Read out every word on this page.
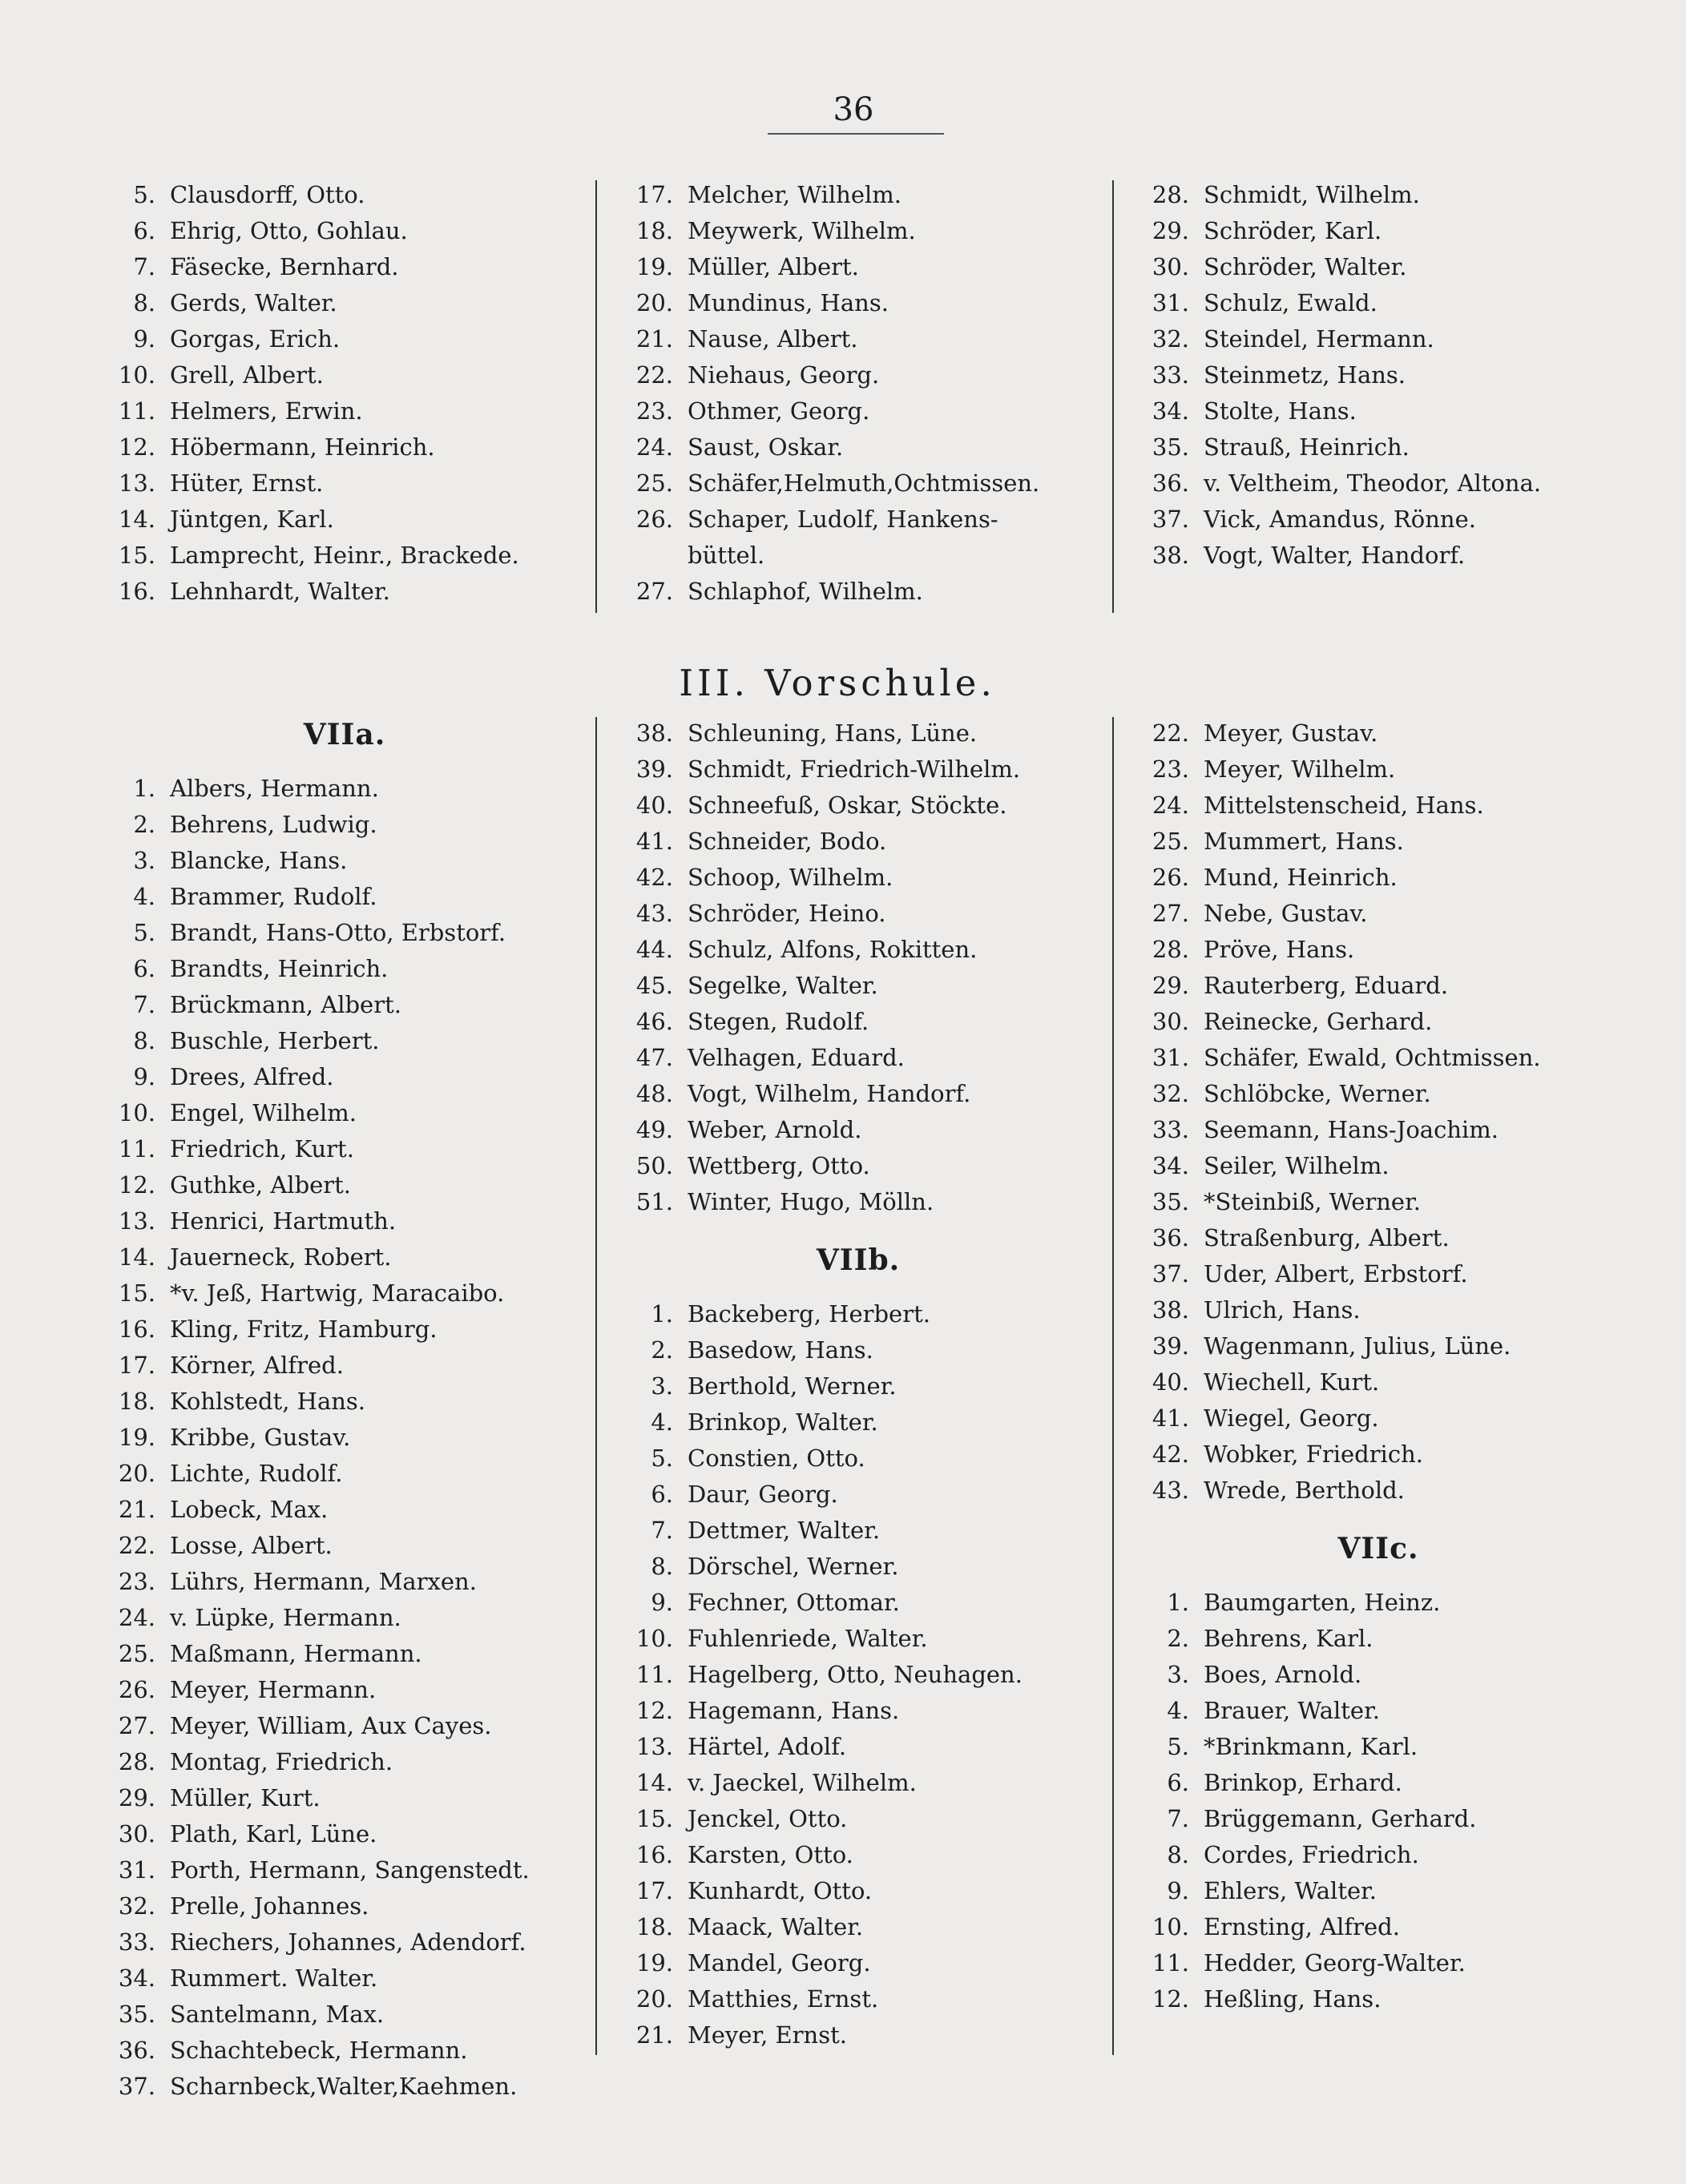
36
5. Clausdorff, Otto.
6. Ehrig, Otto, Gohlau.
7. Fäsecke, Bernhard.
8. Gerds, Walter.
9. Gorgas, Erich.
10. Grell, Albert.
11. Helmers, Erwin.
12. Höbermann, Heinrich.
13. Hüter, Ernst.
14. Jüntgen, Karl.
15. Lamprecht, Heinr., Brackede.
16. Lehnhardt, Walter.
17. Melcher, Wilhelm.
18. Meywerk, Wilhelm.
19. Müller, Albert.
20. Mundinus, Hans.
21. Nause, Albert.
22. Niehaus, Georg.
23. Othmer, Georg.
24. Saust, Oskar.
25. Schäfer,Helmuth,Ochtmissen.
26. Schaper, Ludolf, Hankens-
büttel.
27. Schlaphof, Wilhelm.
28. Schmidt, Wilhelm.
29. Schröder, Karl.
30. Schröder, Walter.
31. Schulz, Ewald.
32. Steindel, Hermann.
33. Steinmetz, Hans.
34. Stolte, Hans.
35. Strauß, Heinrich.
36. v. Veltheim, Theodor, Altona.
37. Vick, Amandus, Rönne.
38. Vogt, Walter, Handorf.
III. Vorschule.
VIIa.
1. Albers, Hermann.
2. Behrens, Ludwig.
3. Blancke, Hans.
4. Brammer, Rudolf.
5. Brandt, Hans-Otto, Erbstorf.
6. Brandts, Heinrich.
7. Brückmann, Albert.
8. Buschle, Herbert.
9. Drees, Alfred.
10. Engel, Wilhelm.
11. Friedrich, Kurt.
12. Guthke, Albert.
13. Henrici, Hartmuth.
14. Jauerneck, Robert.
15. *v. Jeß, Hartwig, Maracaibo.
16. Kling, Fritz, Hamburg.
17. Körner, Alfred.
18. Kohlstedt, Hans.
19. Kribbe, Gustav.
20. Lichte, Rudolf.
21. Lobeck, Max.
22. Losse, Albert.
23. Lührs, Hermann, Marxen.
24. v. Lüpke, Hermann.
25. Maßmann, Hermann.
26. Meyer, Hermann.
27. Meyer, William, Aux Cayes.
28. Montag, Friedrich.
29. Müller, Kurt.
30. Plath, Karl, Lüne.
31. Porth, Hermann, Sangenstedt.
32. Prelle, Johannes.
33. Riechers, Johannes, Adendorf.
34. Rummert. Walter.
35. Santelmann, Max.
36. Schachtebeck, Hermann.
37. Scharnbeck,Walter,Kaehmen.
38. Schleuning, Hans, Lüne.
39. Schmidt, Friedrich-Wilhelm.
40. Schneefuß, Oskar, Stöckte.
41. Schneider, Bodo.
42. Schoop, Wilhelm.
43. Schröder, Heino.
44. Schulz, Alfons, Rokitten.
45. Segelke, Walter.
46. Stegen, Rudolf.
47. Velhagen, Eduard.
48. Vogt, Wilhelm, Handorf.
49. Weber, Arnold.
50. Wettberg, Otto.
51. Winter, Hugo, Mölln.
VIIb.
1. Backeberg, Herbert.
2. Basedow, Hans.
3. Berthold, Werner.
4. Brinkop, Walter.
5. Constien, Otto.
6. Daur, Georg.
7. Dettmer, Walter.
8. Dörschel, Werner.
9. Fechner, Ottomar.
10. Fuhlenriede, Walter.
11. Hagelberg, Otto, Neuhagen.
12. Hagemann, Hans.
13. Härtel, Adolf.
14. v. Jaeckel, Wilhelm.
15. Jenckel, Otto.
16. Karsten, Otto.
17. Kunhardt, Otto.
18. Maack, Walter.
19. Mandel, Georg.
20. Matthies, Ernst.
21. Meyer, Ernst.
22. Meyer, Gustav.
23. Meyer, Wilhelm.
24. Mittelstenscheid, Hans.
25. Mummert, Hans.
26. Mund, Heinrich.
27. Nebe, Gustav.
28. Pröve, Hans.
29. Rauterberg, Eduard.
30. Reinecke, Gerhard.
31. Schäfer, Ewald, Ochtmissen.
32. Schlöbcke, Werner.
33. Seemann, Hans-Joachim.
34. Seiler, Wilhelm.
35. *Steinbiß, Werner.
36. Straßenburg, Albert.
37. Uder, Albert, Erbstorf.
38. Ulrich, Hans.
39. Wagenmann, Julius, Lüne.
40. Wiechell, Kurt.
41. Wiegel, Georg.
42. Wobker, Friedrich.
43. Wrede, Berthold.
VIIc.
1. Baumgarten, Heinz.
2. Behrens, Karl.
3. Boes, Arnold.
4. Brauer, Walter.
5. *Brinkmann, Karl.
6. Brinkop, Erhard.
7. Brüggemann, Gerhard.
8. Cordes, Friedrich.
9. Ehlers, Walter.
10. Ernsting, Alfred.
11. Hedder, Georg-Walter.
12. Heßling, Hans.
